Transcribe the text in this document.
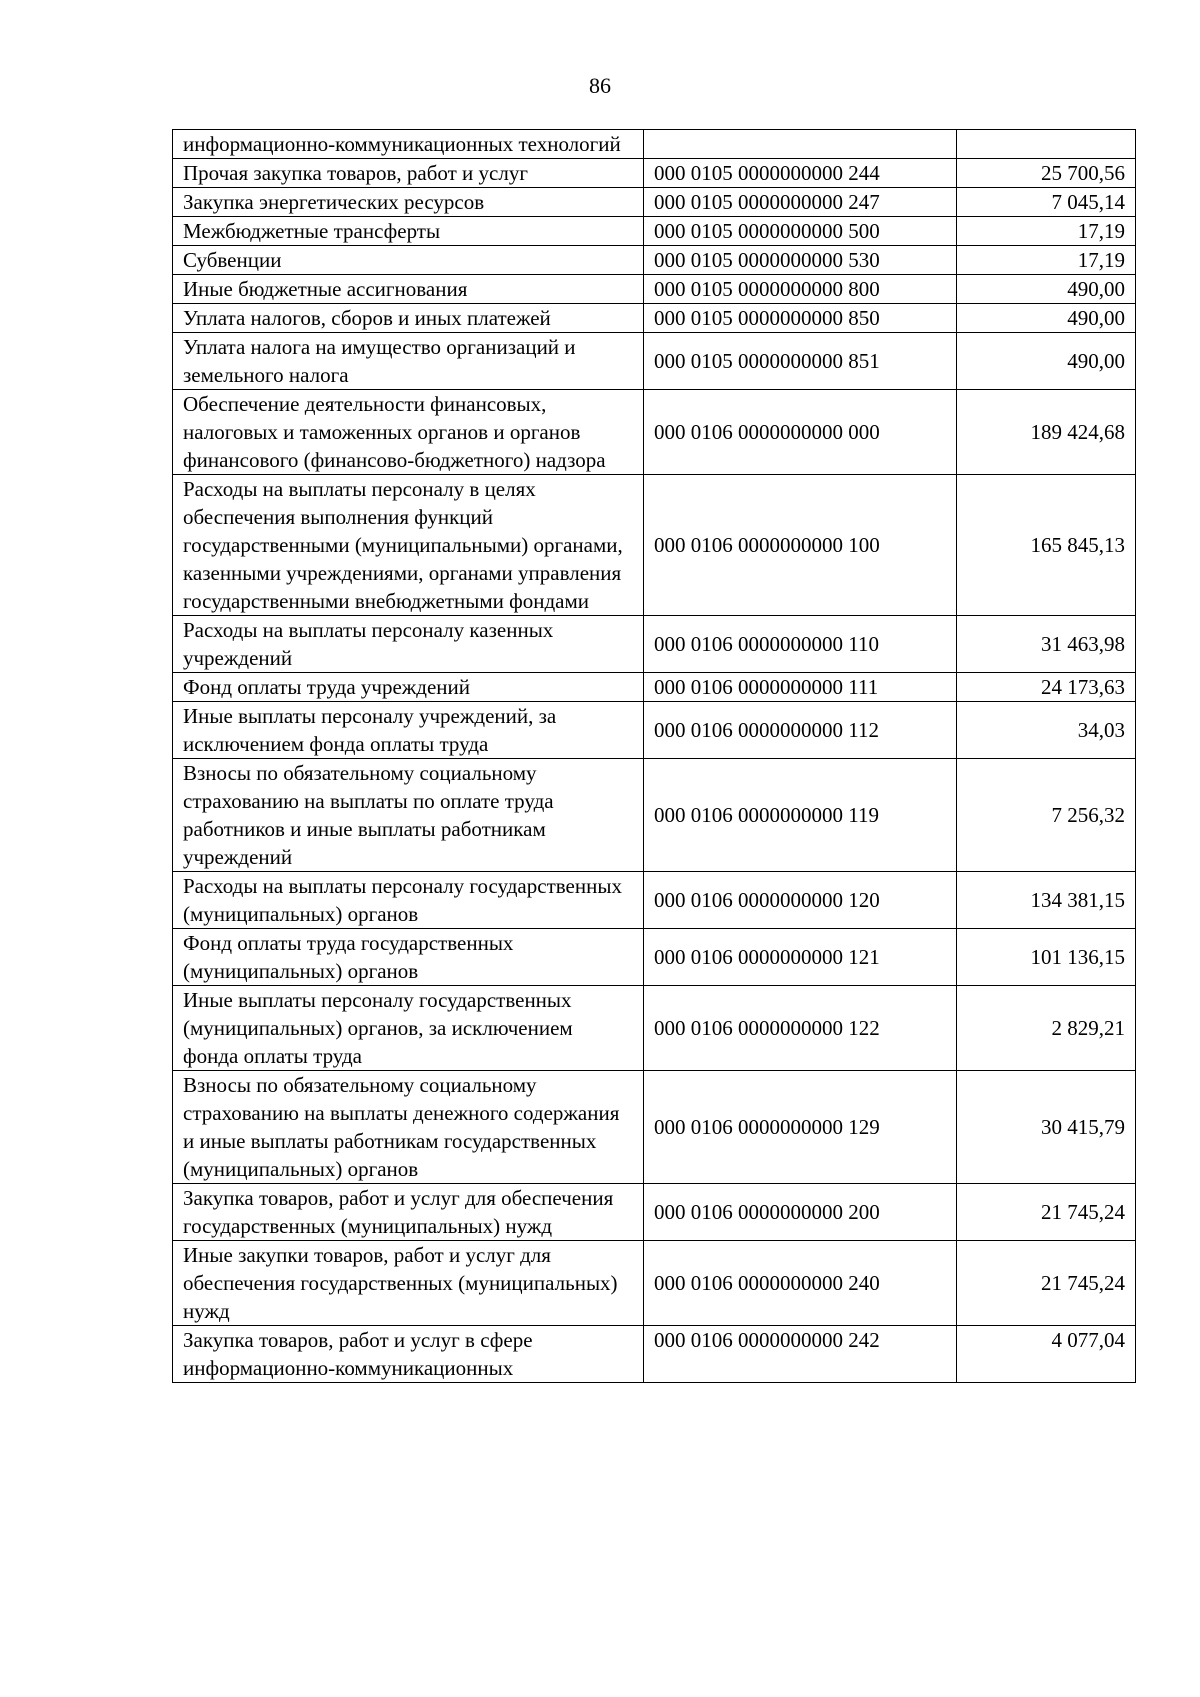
86
информационно-коммуникационных технологий		
Прочая закупка товаров, работ и услуг	000 0105 0000000000 244	25 700,56
Закупка энергетических ресурсов	000 0105 0000000000 247	7 045,14
Межбюджетные трансферты	000 0105 0000000000 500	17,19
Субвенции	000 0105 0000000000 530	17,19
Иные бюджетные ассигнования	000 0105 0000000000 800	490,00
Уплата налогов, сборов и иных платежей	000 0105 0000000000 850	490,00
Уплата налога на имущество организаций и земельного налога	000 0105 0000000000 851	490,00
Обеспечение деятельности финансовых, налоговых и таможенных органов и органов финансового (финансово-бюджетного) надзора	000 0106 0000000000 000	189 424,68
Расходы на выплаты персоналу в целях обеспечения выполнения функций государственными (муниципальными) органами, казенными учреждениями, органами управления государственными внебюджетными фондами	000 0106 0000000000 100	165 845,13
Расходы на выплаты персоналу казенных учреждений	000 0106 0000000000 110	31 463,98
Фонд оплаты труда учреждений	000 0106 0000000000 111	24 173,63
Иные выплаты персоналу учреждений, за исключением фонда оплаты труда	000 0106 0000000000 112	34,03
Взносы по обязательному социальному страхованию на выплаты по оплате труда работников и иные выплаты работникам учреждений	000 0106 0000000000 119	7 256,32
Расходы на выплаты персоналу государственных (муниципальных) органов	000 0106 0000000000 120	134 381,15
Фонд оплаты труда государственных (муниципальных) органов	000 0106 0000000000 121	101 136,15
Иные выплаты персоналу государственных (муниципальных) органов, за исключением фонда оплаты труда	000 0106 0000000000 122	2 829,21
Взносы по обязательному социальному страхованию на выплаты денежного содержания и иные выплаты работникам государственных (муниципальных) органов	000 0106 0000000000 129	30 415,79
Закупка товаров, работ и услуг для обеспечения государственных (муниципальных) нужд	000 0106 0000000000 200	21 745,24
Иные закупки товаров, работ и услуг для обеспечения государственных (муниципальных) нужд	000 0106 0000000000 240	21 745,24
Закупка товаров, работ и услуг в сфере информационно-коммуникационных	000 0106 0000000000 242	4 077,04
